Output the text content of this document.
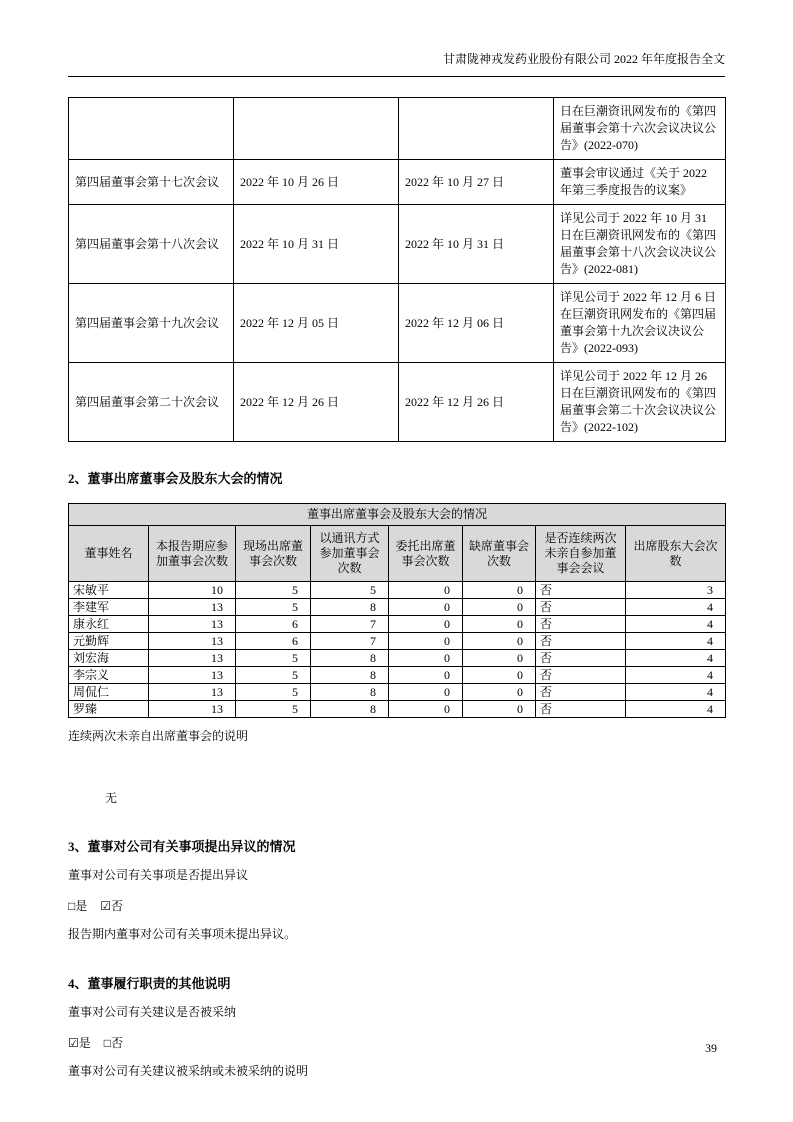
甘肃陇神戎发药业股份有限公司 2022 年年度报告全文
			日在巨潮资讯网发布的《第四届董事会第十六次会议决议公告》(2022-070)
第四届董事会第十七次会议	2022 年 10 月 26 日	2022 年 10 月 27 日	董事会审议通过《关于 2022 年第三季度报告的议案》
第四届董事会第十八次会议	2022 年 10 月 31 日	2022 年 10 月 31 日	详见公司于 2022 年 10 月 31 日在巨潮资讯网发布的《第四届董事会第十八次会议决议公告》(2022-081)
第四届董事会第十九次会议	2022 年 12 月 05 日	2022 年 12 月 06 日	详见公司于 2022 年 12 月 6 日在巨潮资讯网发布的《第四届董事会第十九次会议决议公告》(2022-093)
第四届董事会第二十次会议	2022 年 12 月 26 日	2022 年 12 月 26 日	详见公司于 2022 年 12 月 26 日在巨潮资讯网发布的《第四届董事会第二十次会议决议公告》(2022-102)
2、董事出席董事会及股东大会的情况
董事出席董事会及股东大会的情况							
董事姓名	本报告期应参加董事会次数	现场出席董事会次数	以通讯方式参加董事会次数	委托出席董事会次数	缺席董事会次数	是否连续两次未亲自参加董事会会议	出席股东大会次数
宋敏平	10	5	5	0	0	否	3
李建军	13	5	8	0	0	否	4
康永红	13	6	7	0	0	否	4
元勤辉	13	6	7	0	0	否	4
刘宏海	13	5	8	0	0	否	4
李宗义	13	5	8	0	0	否	4
周侃仁	13	5	8	0	0	否	4
罗臻	13	5	8	0	0	否	4
连续两次未亲自出席董事会的说明
无
3、董事对公司有关事项提出异议的情况
董事对公司有关事项是否提出异议
□是 ☑否
报告期内董事对公司有关事项未提出异议。
4、董事履行职责的其他说明
董事对公司有关建议是否被采纳
☑是 □否
董事对公司有关建议被采纳或未被采纳的说明
39
